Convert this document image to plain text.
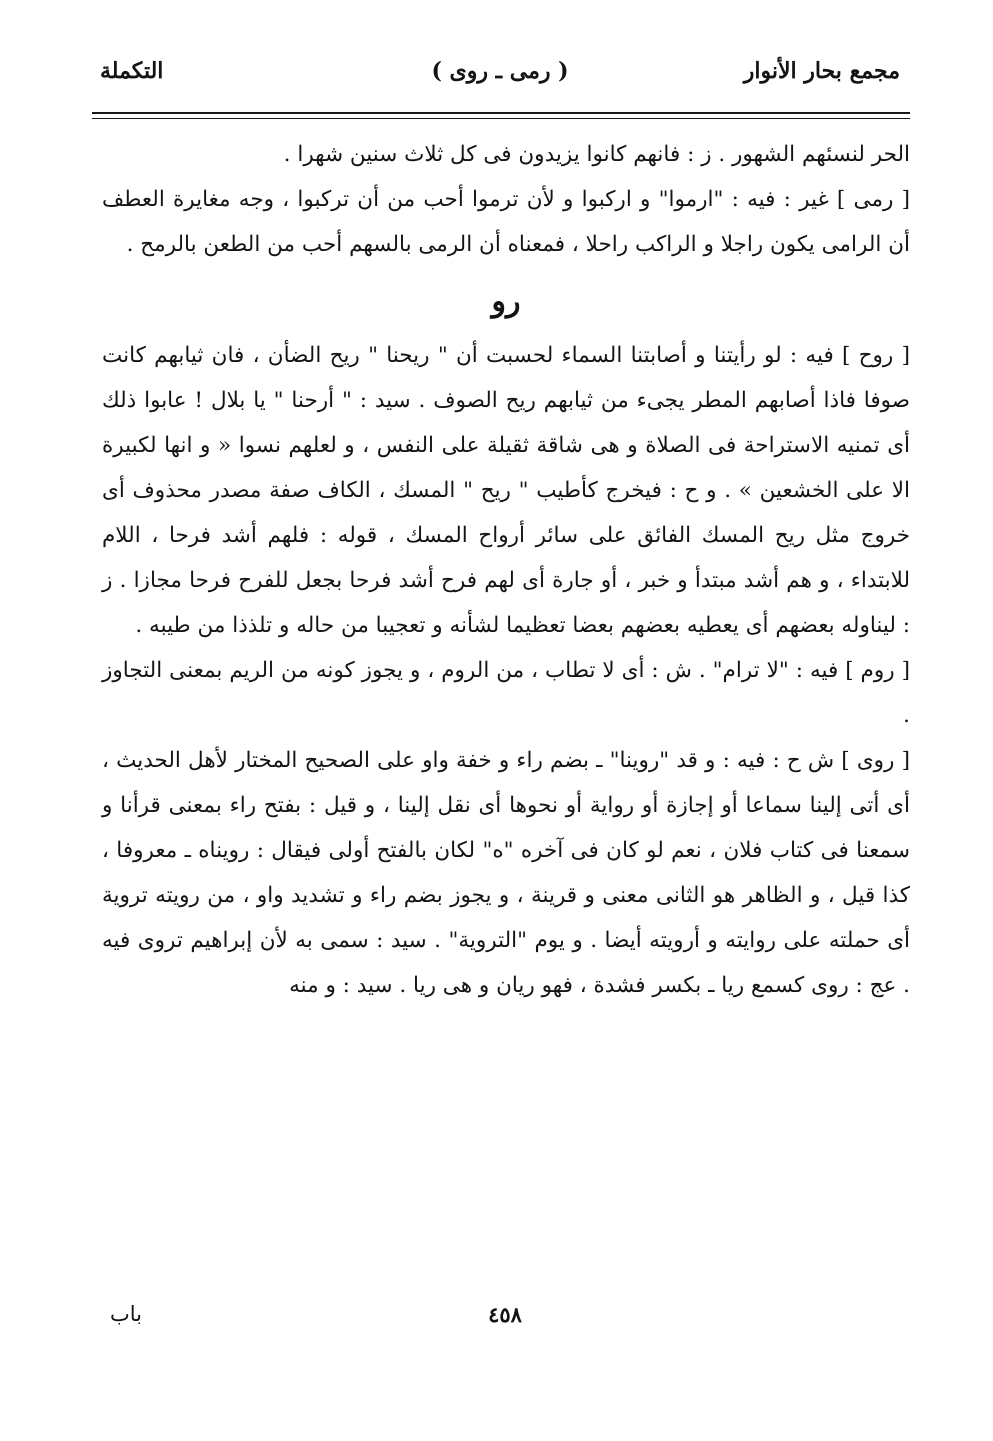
مجمع بحار الأنوار
( رمى ـ روى )
التكملة

الحر لنسئهم الشهور . ز : فانهم كانوا يزيدون فى كل ثلاث سنين شهرا .

[ رمى ] غير : فيه : "ارموا" و اركبوا و لأن ترموا أحب من أن تركبوا ، وجه مغايرة العطف أن الرامى يكون راجلا و الراكب راحلا ، فمعناه أن الرمى بالسهم أحب من الطعن بالرمح .

رو

[ روح ] فيه : لو رأيتنا و أصابتنا السماء لحسبت أن " ريحنا " ريح الضأن ، فان ثيابهم كانت صوفا فاذا أصابهم المطر يجىء من ثيابهم ريح الصوف . سيد : " أرحنا " يا بلال ! عابوا ذلك أى تمنيه الاستراحة فى الصلاة و هى شاقة ثقيلة على النفس ، و لعلهم نسوا « و انها لكبيرة الا على الخشعين » . و ح : فيخرج كأطيب " ريح " المسك ، الكاف صفة مصدر محذوف أى خروج مثل ريح المسك الفائق على سائر أرواح المسك ، قوله : فلهم أشد فرحا ، اللام للابتداء ، و هم أشد مبتدأ و خبر ، أو جارة أى لهم فرح أشد فرحا بجعل للفرح فرحا مجازا . ز : ليناوله بعضهم أى يعطيه بعضهم بعضا تعظيما لشأنه و تعجيبا من حاله و تلذذا من طيبه .

[ روم ] فيه : "لا ترام" . ش : أى لا تطاب ، من الروم ، و يجوز كونه من الريم بمعنى التجاوز .

[ روى ] ش ح : فيه : و قد "روينا" ـ بضم راء و خفة واو على الصحيح المختار لأهل الحديث ، أى أتى إلينا سماعا أو إجازة أو رواية أو نحوها أى نقل إلينا ، و قيل : بفتح راء بمعنى قرأنا و سمعنا فى كتاب فلان ، نعم لو كان فى آخره "ه" لكان بالفتح أولى فيقال : رويناه ـ معروفا ، كذا قيل ، و الظاهر هو الثانى معنى و قرينة ، و يجوز بضم راء و تشديد واو ، من رويته تروية أى حملته على روايته و أرويته أيضا . و يوم "التروية" . سيد : سمى به لأن إبراهيم تروى فيه . عج : روى كسمع ريا ـ بكسر فشدة ، فهو ريان و هى ريا . سيد : و منه

٤٥٨
باب
